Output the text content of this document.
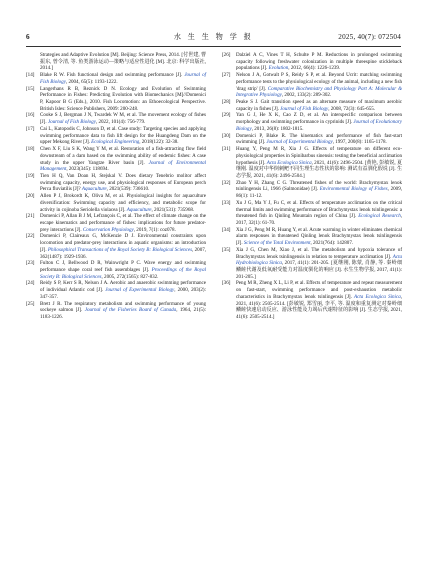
6	水 生 生 物 学 报	2025, 40(7): 072504
Strategies and Adaptive Evolution [M]. Beijing: Science Press, 2014. [付世建, 曹振东, 曾令清, 等. 鱼类游泳运动—策略与适应性进化 [M]. 北京: 科学出版社, 2014.]
[14] Blake R W. Fish functional design and swimming performance [J]. Journal of Fish Biology, 2004, 65(5): 1193-1222.
[15] Langerhans R B, Reznick D N. Ecology and Evolution of Swimming Performance in Fishes: Predicting Evolution with Biomechanics [M]//Domenici P, Kapoor B G (Eds.), 2010. Fish Locomotion: an Ethoecological Perspective. British Isles: Science Publishers, 2009: 200-248.
[16] Cooke S J, Bergman J N, Twardek W M, et al. The movement ecology of fishes [J]. Journal of Fish Biology, 2022, 101(4): 756-779.
[17] Cai L, Katopodis C, Johnson D, et al. Case study: Targeting species and applying swimming performance data to fish lift design for the Huangdeng Dam on the upper Mekong River [J]. Ecological Engineering, 2018(122): 32-38.
[18] Chen X F, Liu S K, Wang Y M, et al. Restoration of a fish-attracting flow field downstream of a dam based on the swimming ability of endemic fishes: A case study in the upper Yangtze River basin [J]. Journal of Environmental Management, 2023(345): 118694.
[19] Tien H Q, Van Doan H, Stejskal V. Does dietary Tenebrio molitor affect swimming capacity, energy use, and physiological responses of European perch Perca fluviatilis [J]? Aquaculture, 2021(539): 736610.
[20] Allen P J, Brokordt K, Oliva M, et al. Physiological insights for aquaculture diversification: Swimming capacity and efficiency, and metabolic scope for activity in cojinoba Seriolella violacea [J]. Aquaculture, 2021(531): 735968.
[21] Domenici P, Allan B J M, Lefrançois C, et al. The effect of climate change on the escape kinematics and performance of fishes: implications for future predator-prey interactions [J]. Conservation Physiology, 2019, 7(1): coz078.
[22] Domenici P, Claireaux G, McKenzie D J. Environmental constraints upon locomotion and predator-prey interactions in aquatic organisms: an introduction [J]. Philosophical Transactions of the Royal Society B: Biological Sciences, 2007, 362(1487): 1929-1936.
[23] Fulton C J, Bellwood D R, Wainwright P C. Wave energy and swimming performance shape coral reef fish assemblages [J]. Proceedings of the Royal Society B: Biological Sciences, 2005, 272(1565): 827-832.
[24] Reidy S P, Kerr S R, Nelson J A. Aerobic and anaerobic swimming performance of individual Atlantic cod [J]. Journal of Experimental Biology, 2000, 203(2): 347-357.
[25] Brett J R. The respiratory metabolism and swimming performance of young sockeye salmon [J]. Journal of the Fisheries Board of Canada, 1964, 21(5): 1183-1226.
[26] Dalziel A C, Vines T H, Schulte P M. Reductions in prolonged swimming capacity following freshwater colonization in multiple threespine stickleback populations [J]. Evolution, 2012, 66(4): 1226-1239.
[27] Nelson J A, Gotwalt P S, Reidy S P, et al. Beyond Ucrit: matching swimming performance tests to the physiological ecology of the animal, including a new fish 'drag strip' [J]. Comparative Biochemistry and Physiology Part A: Molecular & Integrative Physiology, 2002, 133(2): 289-302.
[28] Peake S J. Gait transition speed as an alternate measure of maximum aerobic capacity in fishes [J]. Journal of Fish Biology, 2008, 72(3): 645-655.
[29] Yan G J, He X K, Cao Z D, et al. An interspecific comparison between morphology and swimming performance in cyprinids [J]. Journal of Evolutionary Biology, 2013, 26(8): 1802-1815.
[30] Domenici P, Blake R. The kinematics and performance of fish fast-start swimming [J]. Journal of Experimental Biology, 1997, 200(8): 1165-1178.
[31] Huang Y, Peng M R, Xia J G. Effects of temperature on different eco-physiological properties in Spinibarbus sinensis: testing the beneficial acclimation hypothesis [J]. Acta Ecologica Sinica, 2021, 41(6): 2496-2504. [黄艳, 彭敏锐, 夏继刚. 温度对中华倒刺鲃不同生理生态性状的影响: 测试有益驯化假说 [J]. 生态学报, 2021, 41(6): 2496-2504.]
[32] Zhao Y H, Zhang C G. Threatened fishes of the world: Brachymystax lenok tsinlingensis Li, 1966 (Salmonidae) [J]. Environmental Biology of Fishes, 2009, 86(1): 11-12.
[33] Xu J G, Ma Y J, Fu C, et al. Effects of temperature acclimation on the critical thermal limits and swimming performance of Brachymystax lenok tsinlingensis: a threatened fish in Qinling Mountain region of China [J]. Ecological Research, 2017, 32(1): 61-70.
[34] Xia J G, Peng M R, Huang Y, et al. Acute warming in winter eliminates chemical alarm responses in threatened Qinling lenok Brachymystax lenok tsinlingensis [J]. Science of the Total Environment, 2021(764): 142807.
[35] Xia J G, Chen M, Xiao J, et al. The metabolism and hypoxia tolerance of Brachymystax lenok tsinlingensis in relation to temperature acclimation [J]. Acta Hydrobiologica Sinica, 2017, 41(1): 201-205. [夏继刚, 陈蒙, 肖静, 等. 秦岭细鳞鲑代谢及低氧耐受能力对温度驯化的响应 [J]. 水生生物学报, 2017, 41(1): 201-205.]
[36] Peng M R, Zheng X L, Li P, et al. Effects of temperature and repeat measurement on fast-start, swimming performance and post-exhaustion metabolic characteristics in Brachymystax lenok tsinlingensis [J]. Acta Ecologica Sinica, 2021, 41(6): 2505-2514. [彭敏锐, 郑雪丽, 李平, 等. 温度和重复测定对秦岭细鳞鲑快速启动反应、游泳性能及力竭后代谢特征的影响 [J]. 生态学报, 2021, 41(6): 2505-2514.]
